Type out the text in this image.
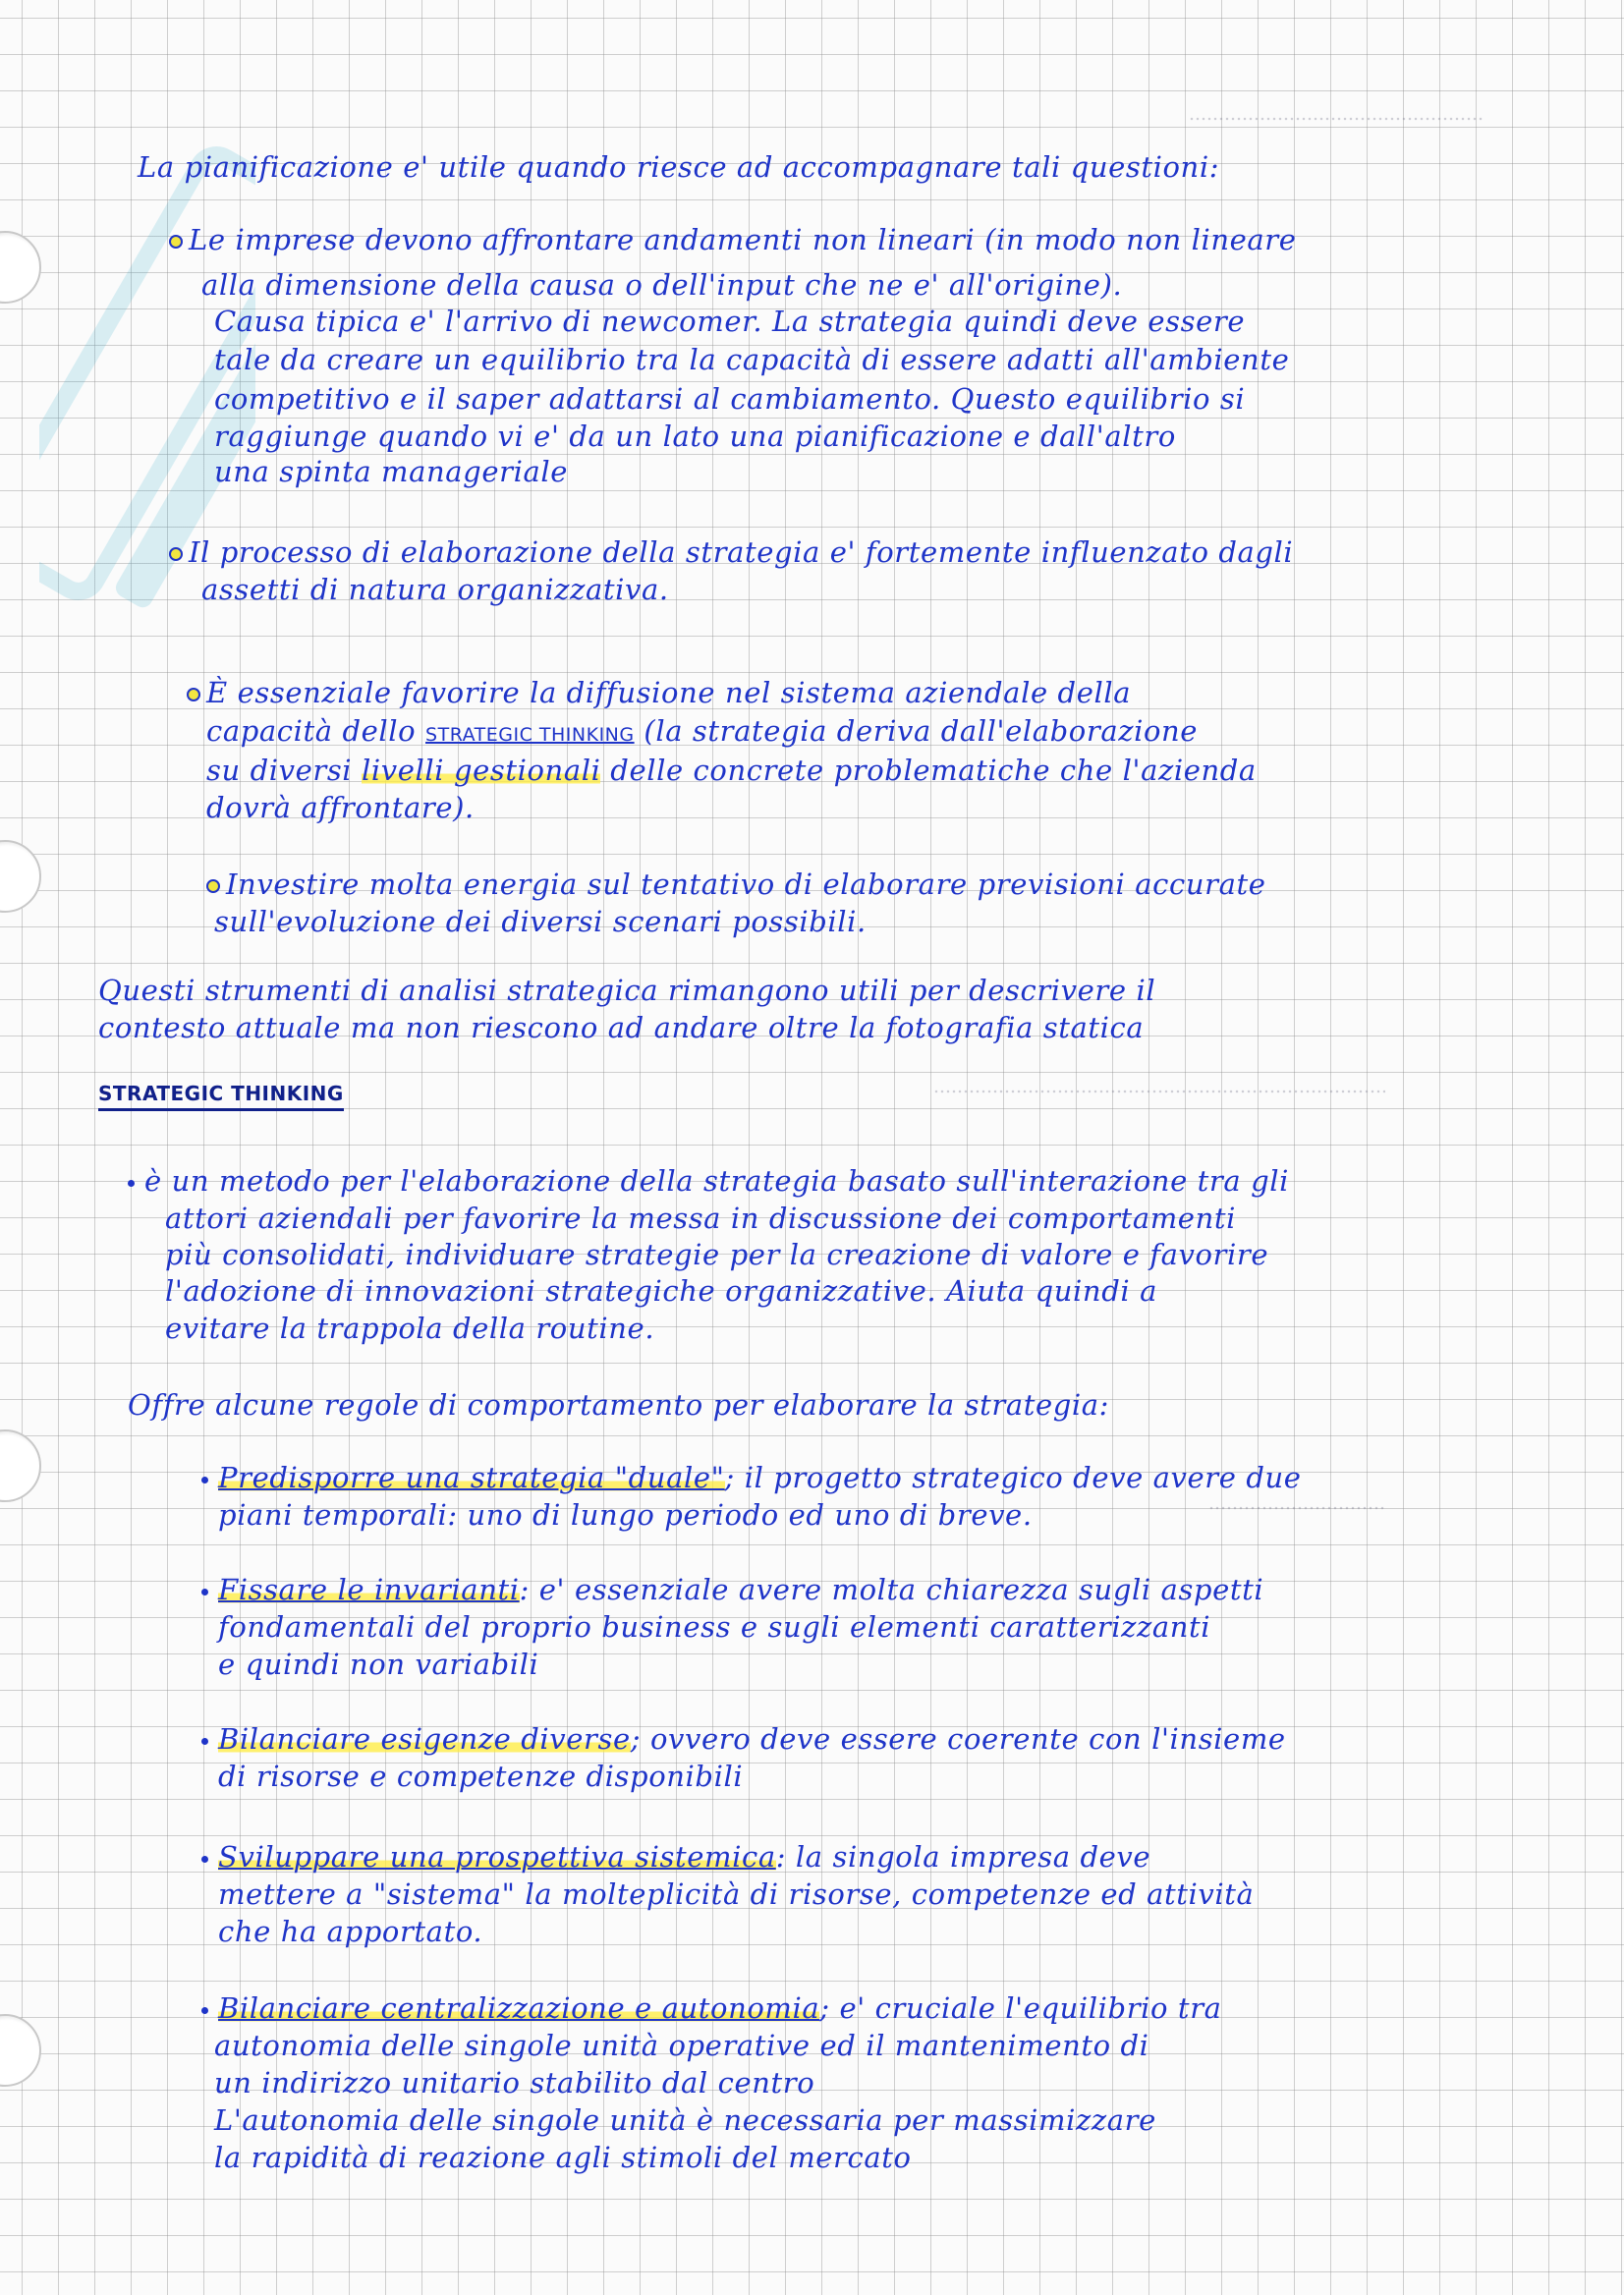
La pianificazione e' utile quando riesce ad accompagnare tali questioni:
Le imprese devono affrontare andamenti non lineari (in modo non lineare
alla dimensione della causa o dell'input che ne e' all'origine).
Causa tipica e' l'arrivo di newcomer. La strategia quindi deve essere
tale da creare un equilibrio tra la capacità di essere adatti all'ambiente
competitivo e il saper adattarsi al cambiamento. Questo equilibrio si
raggiunge quando vi e' da un lato una pianificazione e dall'altro
una spinta manageriale
Il processo di elaborazione della strategia e' fortemente influenzato dagli
assetti di natura organizzativa.
È essenziale favorire la diffusione nel sistema aziendale della
capacità dello STRATEGIC THINKING (la strategia deriva dall'elaborazione
su diversi livelli gestionali delle concrete problematiche che l'azienda
dovrà affrontare).
Investire molta energia sul tentativo di elaborare previsioni accurate
sull'evoluzione dei diversi scenari possibili.
Questi strumenti di analisi strategica rimangono utili per descrivere il
contesto attuale ma non riescono ad andare oltre la fotografia statica
STRATEGIC THINKING
è un metodo per l'elaborazione della strategia basato sull'interazione tra gli
attori aziendali per favorire la messa in discussione dei comportamenti
più consolidati, individuare strategie per la creazione di valore e favorire
l'adozione di innovazioni strategiche organizzative. Aiuta quindi a
evitare la trappola della routine.
Offre alcune regole di comportamento per elaborare la strategia:
Predisporre una strategia "duale"; il progetto strategico deve avere due
piani temporali: uno di lungo periodo ed uno di breve.
Fissare le invarianti: e' essenziale avere molta chiarezza sugli aspetti
fondamentali del proprio business e sugli elementi caratterizzanti
e quindi non variabili
Bilanciare esigenze diverse; ovvero deve essere coerente con l'insieme
di risorse e competenze disponibili
Sviluppare una prospettiva sistemica: la singola impresa deve
mettere a "sistema" la molteplicità di risorse, competenze ed attività
che ha apportato.
Bilanciare centralizzazione e autonomia; e' cruciale l'equilibrio tra
autonomia delle singole unità operative ed il mantenimento di
un indirizzo unitario stabilito dal centro
L'autonomia delle singole unità è necessaria per massimizzare
la rapidità di reazione agli stimoli del mercato
